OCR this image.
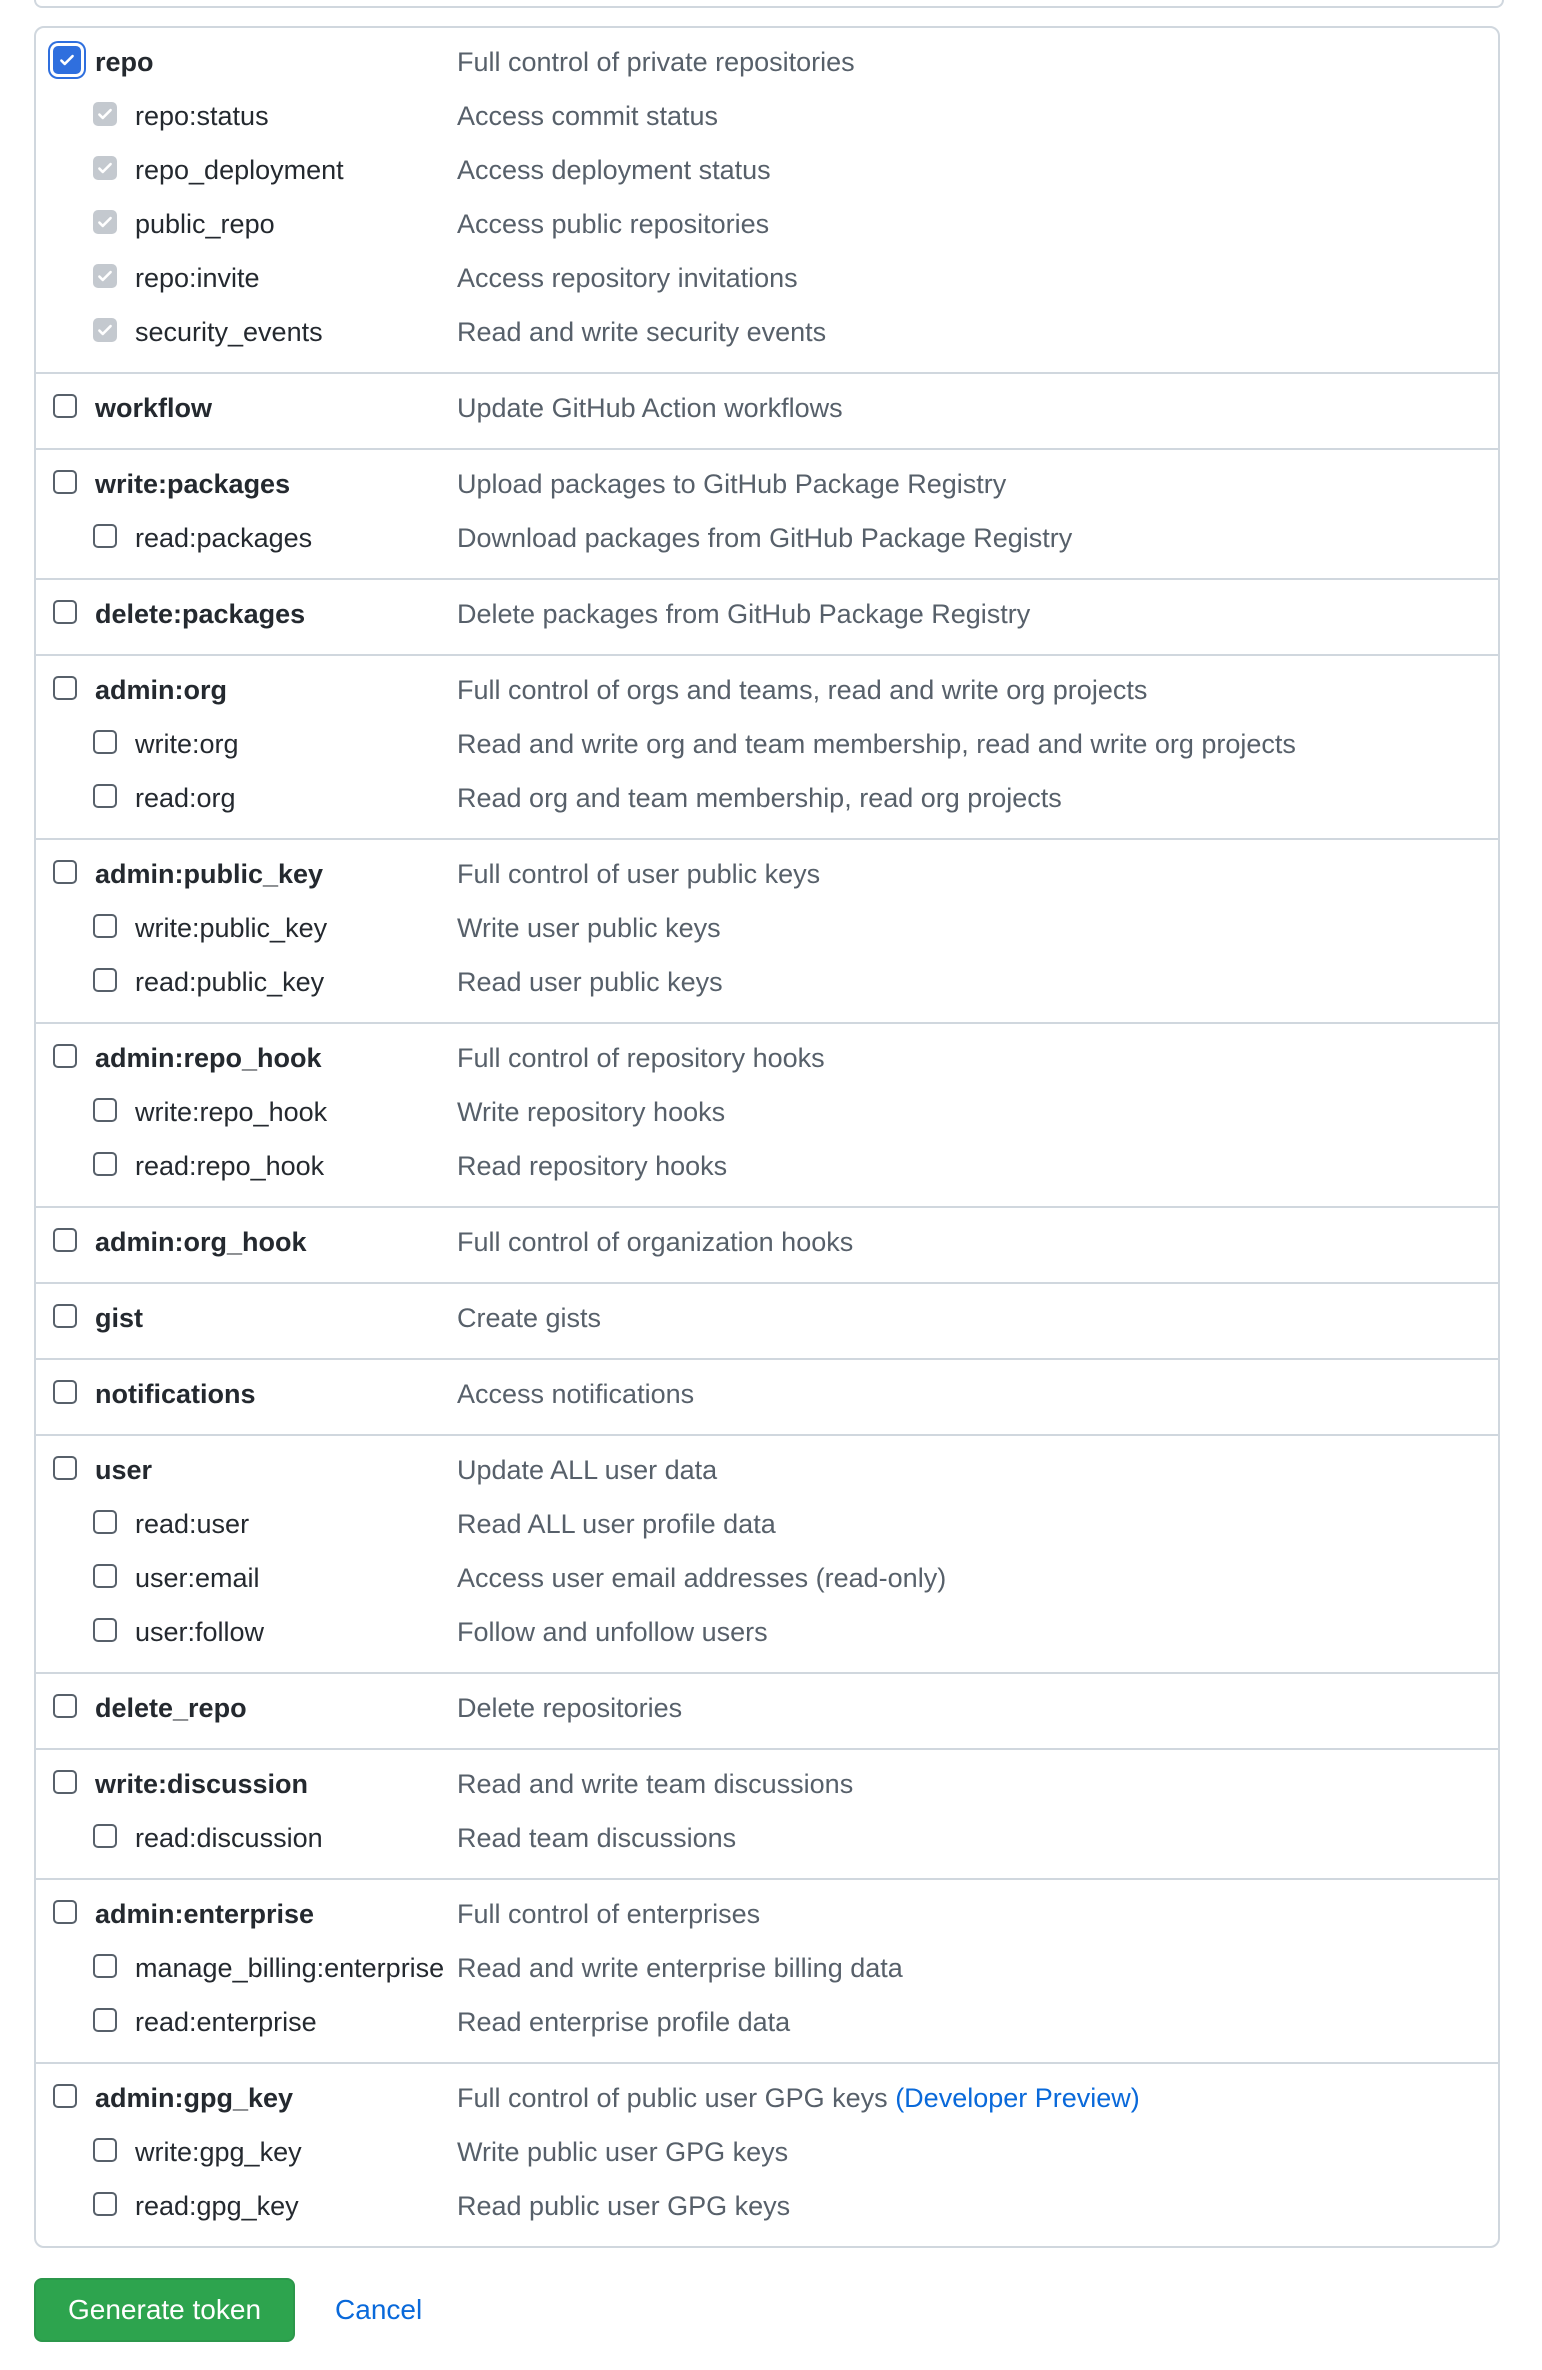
repo	Full control of private repositories
repo:status	Access commit status
repo_deployment	Access deployment status
public_repo	Access public repositories
repo:invite	Access repository invitations
security_events	Read and write security events
workflow	Update GitHub Action workflows
write:packages	Upload packages to GitHub Package Registry
read:packages	Download packages from GitHub Package Registry
delete:packages	Delete packages from GitHub Package Registry
admin:org	Full control of orgs and teams, read and write org projects
write:org	Read and write org and team membership, read and write org projects
read:org	Read org and team membership, read org projects
admin:public_key	Full control of user public keys
write:public_key	Write user public keys
read:public_key	Read user public keys
admin:repo_hook	Full control of repository hooks
write:repo_hook	Write repository hooks
read:repo_hook	Read repository hooks
admin:org_hook	Full control of organization hooks
gist	Create gists
notifications	Access notifications
user	Update ALL user data
read:user	Read ALL user profile data
user:email	Access user email addresses (read-only)
user:follow	Follow and unfollow users
delete_repo	Delete repositories
write:discussion	Read and write team discussions
read:discussion	Read team discussions
admin:enterprise	Full control of enterprises
manage_billing:enterprise Read and write enterprise billing data
read:enterprise	Read enterprise profile data
admin:gpg_key	Full control of public user GPG keys (Developer Preview)
write:gpg_key	Write public user GPG keys
read:gpg_key	Read public user GPG keys
Generate token	Cancel
